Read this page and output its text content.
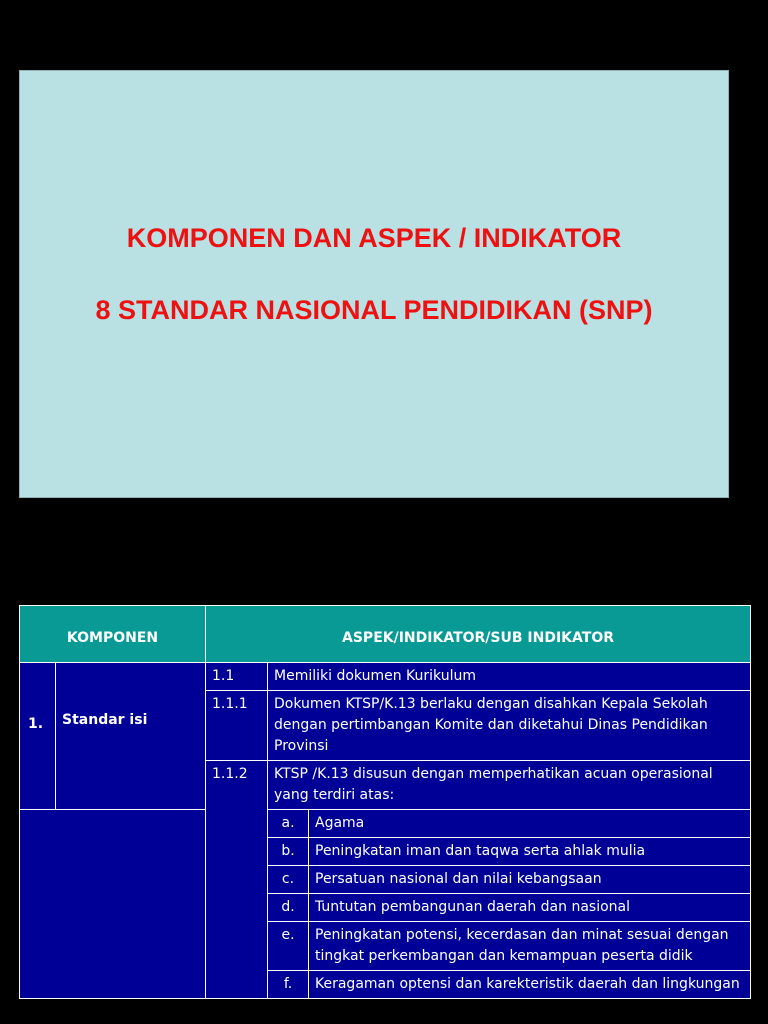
KOMPONEN DAN ASPEK / INDIKATOR
8 STANDAR NASIONAL PENDIDIKAN (SNP)
KOMPONEN		ASPEK/INDIKATOR/SUB INDIKATOR		
1.	Standar isi	1.1	Memiliki dokumen Kurikulum	
		1.1.1	Dokumen KTSP/K.13 berlaku dengan disahkan Kepala Sekolah dengan pertimbangan Komite dan diketahui Dinas Pendidikan Provinsi	
		1.1.2	KTSP /K.13 disusun dengan memperhatikan acuan operasional yang terdiri atas:	
			a.	Agama
			b.	Peningkatan iman dan taqwa serta ahlak mulia
			c.	Persatuan nasional dan nilai kebangsaan
			d.	Tuntutan pembangunan daerah dan nasional
			e.	Peningkatan potensi, kecerdasan dan minat sesuai dengan tingkat perkembangan dan kemampuan peserta didik
			f.	Keragaman optensi dan karekteristik daerah dan lingkungan
